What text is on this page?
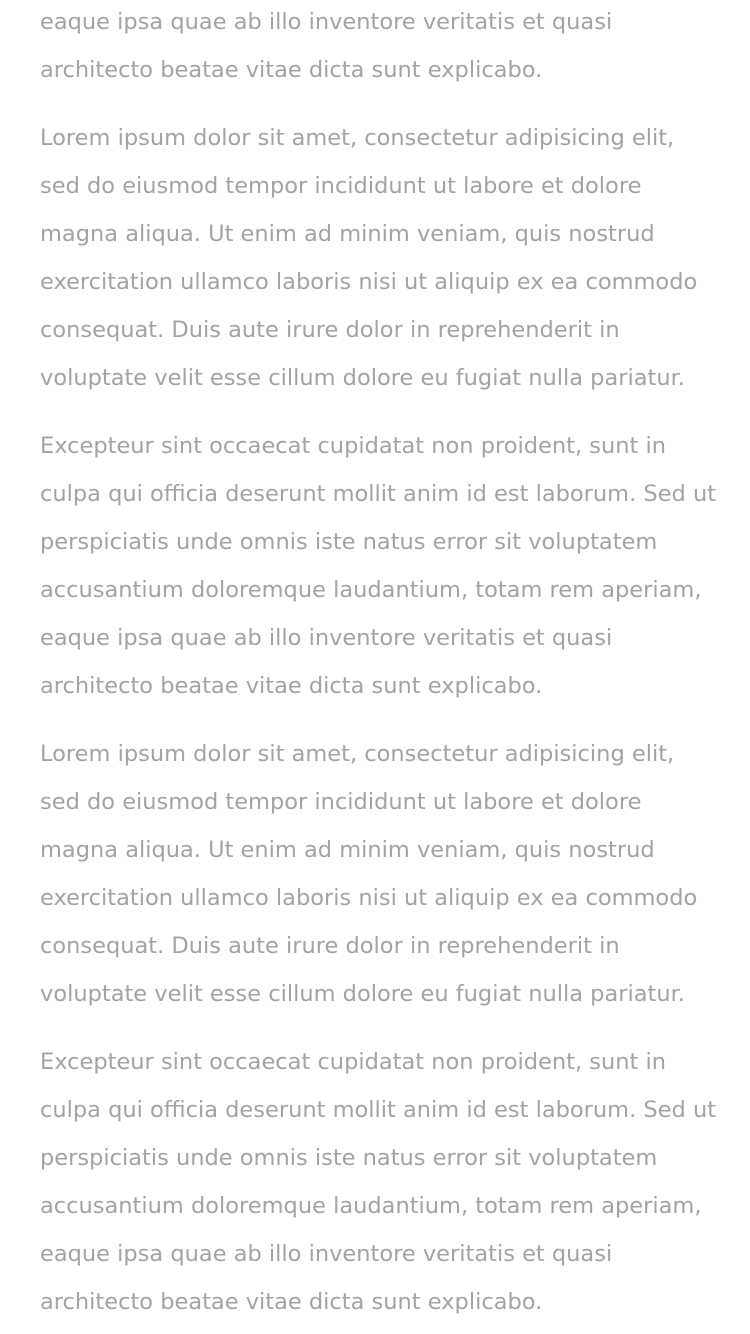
eaque ipsa quae ab illo inventore veritatis et quasi
architecto beatae vitae dicta sunt explicabo.

Lorem ipsum dolor sit amet, consectetur adipisicing elit,
sed do eiusmod tempor incididunt ut labore et dolore
magna aliqua. Ut enim ad minim veniam, quis nostrud
exercitation ullamco laboris nisi ut aliquip ex ea commodo
consequat. Duis aute irure dolor in reprehenderit in
voluptate velit esse cillum dolore eu fugiat nulla pariatur.

Excepteur sint occaecat cupidatat non proident, sunt in
culpa qui officia deserunt mollit anim id est laborum. Sed ut
perspiciatis unde omnis iste natus error sit voluptatem
accusantium doloremque laudantium, totam rem aperiam,
eaque ipsa quae ab illo inventore veritatis et quasi
architecto beatae vitae dicta sunt explicabo.

Lorem ipsum dolor sit amet, consectetur adipisicing elit,
sed do eiusmod tempor incididunt ut labore et dolore
magna aliqua. Ut enim ad minim veniam, quis nostrud
exercitation ullamco laboris nisi ut aliquip ex ea commodo
consequat. Duis aute irure dolor in reprehenderit in
voluptate velit esse cillum dolore eu fugiat nulla pariatur.

Excepteur sint occaecat cupidatat non proident, sunt in
culpa qui officia deserunt mollit anim id est laborum. Sed ut
perspiciatis unde omnis iste natus error sit voluptatem
accusantium doloremque laudantium, totam rem aperiam,
eaque ipsa quae ab illo inventore veritatis et quasi
architecto beatae vitae dicta sunt explicabo.
